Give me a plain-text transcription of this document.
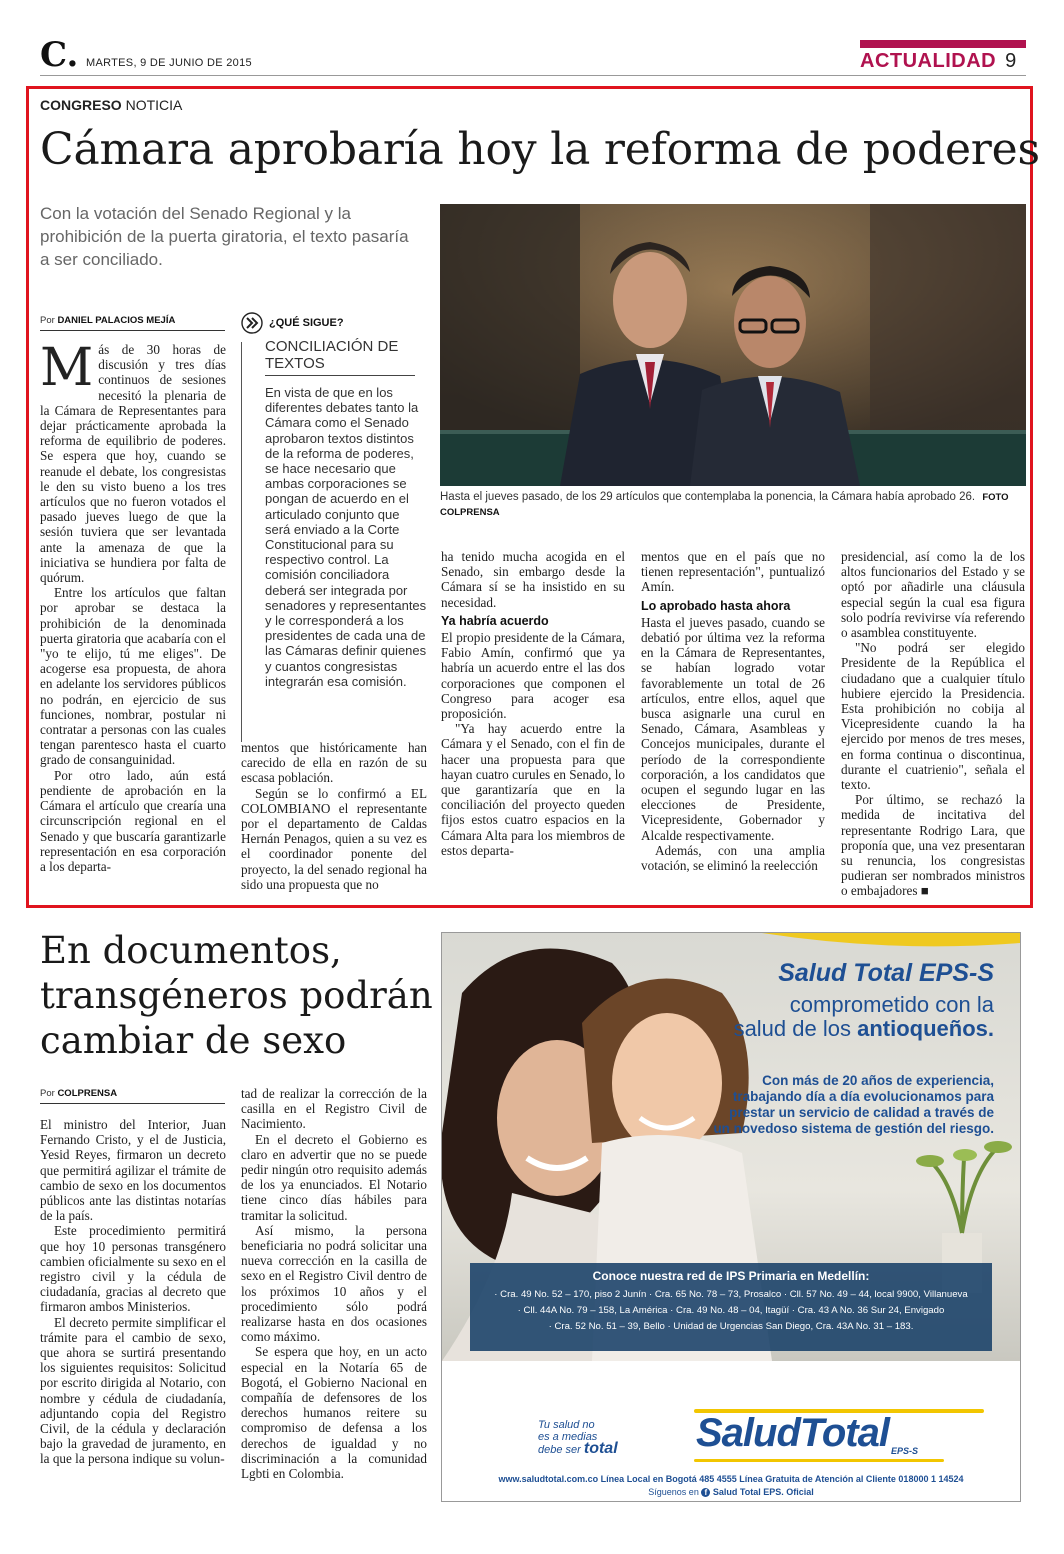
C. MARTES, 9 DE JUNIO DE 2015	ACTUALIDAD 9
CONGRESO NOTICIA
Cámara aprobaría hoy la reforma de poderes
Con la votación del Senado Regional y la prohibición de la puerta giratoria, el texto pasaría a ser conciliado.
Hasta el jueves pasado, de los 29 artículos que contemplaba la ponencia, la Cámara había aprobado 26. FOTO COLPRENSA
Por DANIEL PALACIOS MEJÍA

Más de 30 horas de discusión y tres días continuos de sesiones necesitó la plenaria de la Cámara de Representantes para dejar prácticamente aprobada la reforma de equilibrio de poderes. Se espera que hoy, cuando se reanude el debate, los congresistas le den su visto bueno a los tres artículos que no fueron votados el pasado jueves luego de que la sesión tuviera que ser levantada ante la amenaza de que la iniciativa se hundiera por falta de quórum.

Entre los artículos que faltan por aprobar se destaca la prohibición de la denominada puerta giratoria que acabaría con el "yo te elijo, tú me eliges". De acogerse esa propuesta, de ahora en adelante los servidores públicos no podrán, en ejercicio de sus funciones, nombrar, postular ni contratar a personas con las cuales tengan parentesco hasta el cuarto grado de consanguinidad.

Por otro lado, aún está pendiente de aprobación en la Cámara el artículo que crearía una circunscripción regional en el Senado y que buscaría garantizarle representación en esa corporación a los departa-

¿QUÉ SIGUE?
CONCILIACIÓN DE TEXTOS
En vista de que en los diferentes debates tanto la Cámara como el Senado aprobaron textos distintos de la reforma de poderes, se hace necesario que ambas corporaciones se pongan de acuerdo en el articulado conjunto que será enviado a la Corte Constitucional para su respectivo control. La comisión conciliadora deberá ser integrada por senadores y representantes y le corresponderá a los presidentes de cada una de las Cámaras definir quienes y cuantos congresistas integrarán esa comisión.

mentos que históricamente han carecido de ella en razón de su escasa población.

Según se lo confirmó a EL COLOMBIANO el representante por el departamento de Caldas Hernán Penagos, quien a su vez es el coordinador ponente del proyecto, la del senado regional ha sido una propuesta que no

ha tenido mucha acogida en el Senado, sin embargo desde la Cámara sí se ha insistido en su necesidad.

Ya habría acuerdo

El propio presidente de la Cámara, Fabio Amín, confirmó que ya habría un acuerdo entre el las dos corporaciones que componen el Congreso para acoger esa proposición.

"Ya hay acuerdo entre la Cámara y el Senado, con el fin de hacer una propuesta para que hayan cuatro curules en Senado, lo que garantizaría que en la conciliación del proyecto queden fijos estos cuatro espacios en la Cámara Alta para los miembros de estos departa-

mentos que en el país que no tienen representación", puntualizó Amín.

Lo aprobado hasta ahora

Hasta el jueves pasado, cuando se debatió por última vez la reforma en la Cámara de Representantes, se habían logrado votar favorablemente un total de 26 artículos, entre ellos, aquel que busca asignarle una curul en Senado, Cámara, Asambleas y Concejos municipales, durante el período de la correspondiente corporación, a los candidatos que ocupen el segundo lugar en las elecciones de Presidente, Vicepresidente, Gobernador y Alcalde respectivamente.

Además, con una amplia votación, se eliminó la reelección

presidencial, así como la de los altos funcionarios del Estado y se optó por añadirle una cláusula especial según la cual esa figura solo podría revivirse vía referendo o asamblea constituyente.

"No podrá ser elegido Presidente de la República el ciudadano que a cualquier título hubiere ejercido la Presidencia. Esta prohibición no cobija al Vicepresidente cuando la ha ejercido por menos de tres meses, en forma continua o discontinua, durante el cuatrienio", señala el texto.

Por último, se rechazó la medida de incitativa del representante Rodrigo Lara, que proponía que, una vez presentaran su renuncia, los congresistas pudieran ser nombrados ministros o embajadores ■

En documentos,
transgéneros podrán
cambiar de sexo
Por COLPRENSA

El ministro del Interior, Juan Fernando Cristo, y el de Justicia, Yesid Reyes, firmaron un decreto que permitirá agilizar el trámite de cambio de sexo en los documentos públicos ante las distintas notarías de la país.

Este procedimiento permitirá que hoy 10 personas transgénero cambien oficialmente su sexo en el registro civil y la cédula de ciudadanía, gracias al decreto que firmaron ambos Ministerios.

El decreto permite simplificar el trámite para el cambio de sexo, que ahora se surtirá presentando los siguientes requisitos: Solicitud por escrito dirigida al Notario, con nombre y cédula de ciudadanía, adjuntando copia del Registro Civil, de la cédula y declaración bajo la gravedad de juramento, en la que la persona indique su volun-

tad de realizar la corrección de la casilla en el Registro Civil de Nacimiento.

En el decreto el Gobierno es claro en advertir que no se puede pedir ningún otro requisito además de los ya enunciados. El Notario tiene cinco días hábiles para tramitar la solicitud.

Así mismo, la persona beneficiaria no podrá solicitar una nueva corrección en la casilla de sexo en el Registro Civil dentro de los próximos 10 años y el procedimiento sólo podrá realizarse hasta en dos ocasiones como máximo.

Se espera que hoy, en un acto especial en la Notaría 65 de Bogotá, el Gobierno Nacional en compañía de defensores de los derechos humanos reitere su compromiso de defensa a los derechos de igualdad y no discriminación a la comunidad Lgbti en Colombia.

Salud Total EPS-S
comprometido con la
salud de los antioqueños.
Con más de 20 años de experiencia,
trabajando día a día evolucionamos para
prestar un servicio de calidad a través de
un novedoso sistema de gestión del riesgo.
Conoce nuestra red de IPS Primaria en Medellín:
· Cra. 49 No. 52 – 170, piso 2 Junín · Cra. 65 No. 78 – 73, Prosalco · Cll. 57 No. 49 – 44, local 9900, Villanueva
· Cll. 44A No. 79 – 158, La América · Cra. 49 No. 48 – 04, Itagüí · Cra. 43 A No. 36 Sur 24, Envigado
· Cra. 52 No. 51 – 39, Bello · Unidad de Urgencias San Diego, Cra. 43A No. 31 – 183.
Tu salud no
es a medias
debe ser total SaludTotal EPS-S
www.saludtotal.com.co Línea Local en Bogotá 485 4555 Línea Gratuita de Atención al Cliente 018000 1 14524
Síguenos en f Salud Total EPS. Oficial
